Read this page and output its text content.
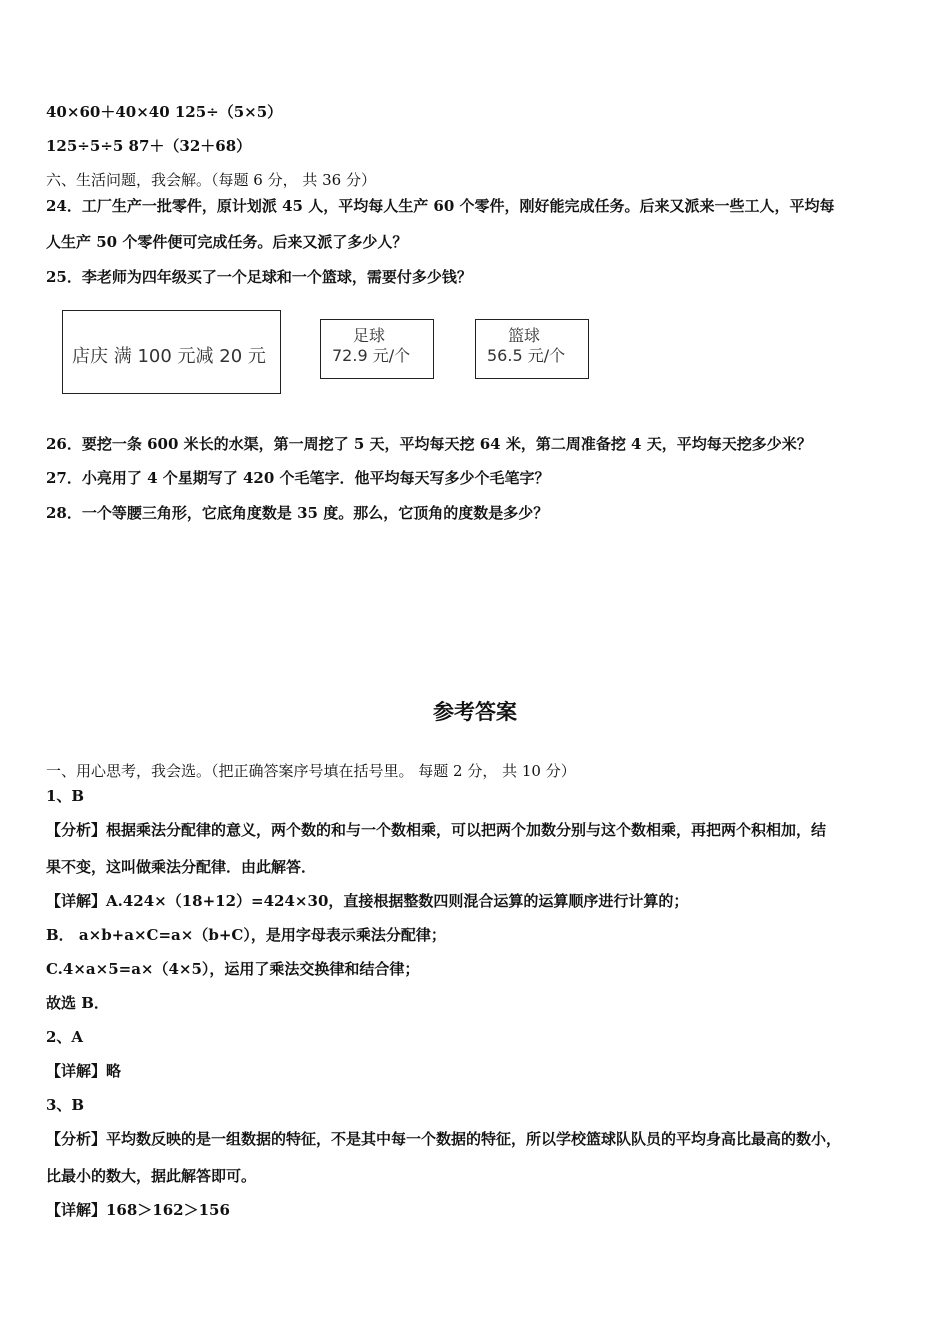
40×60＋40×40 125÷（5×5）
125÷5÷5 87＋（32＋68）
六、生活问题，我会解。（每题 6 分， 共 36 分）
24．工厂生产一批零件，原计划派 45 人，平均每人生产 60 个零件，刚好能完成任务。后来又派来一些工人，平均每
人生产 50 个零件便可完成任务。后来又派了多少人？
25．李老师为四年级买了一个足球和一个篮球，需要付多少钱？
店庆 满 100 元减 20 元
足球
72.9 元/个
篮球
56.5 元/个
26．要挖一条 600 米长的水渠，第一周挖了 5 天，平均每天挖 64 米，第二周准备挖 4 天，平均每天挖多少米？
27．小亮用了 4 个星期写了 420 个毛笔字．他平均每天写多少个毛笔字？
28．一个等腰三角形，它底角度数是 35 度。那么，它顶角的度数是多少？
参考答案
一、用心思考，我会选。（把正确答案序号填在括号里。 每题 2 分， 共 10 分）
1、B
【分析】根据乘法分配律的意义，两个数的和与一个数相乘，可以把两个加数分别与这个数相乘，再把两个积相加，结
果不变，这叫做乘法分配律．由此解答．
【详解】A.424×（18+12）=424×30，直接根据整数四则混合运算的运算顺序进行计算的；
B． a×b+a×C=a×（b+C），是用字母表示乘法分配律；
C.4×a×5=a×（4×5），运用了乘法交换律和结合律；
故选 B．
2、A
【详解】略
3、B
【分析】平均数反映的是一组数据的特征，不是其中每一个数据的特征，所以学校篮球队队员的平均身高比最高的数小，
比最小的数大，据此解答即可。
【详解】168＞162＞156
